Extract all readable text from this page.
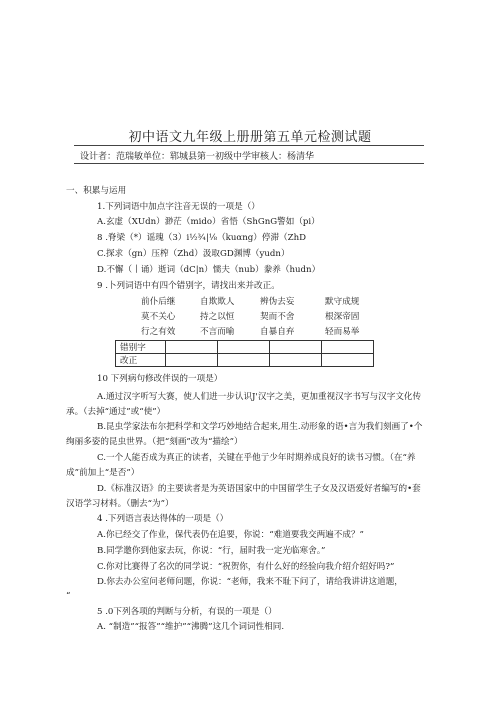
初中语文九年级上册册第五单元检测试题
设计者：范瑞敏单位：郓城县第一初级中学审核人：杨清华
一、积累与运用
1.下列词语中加点字注音无误的一项是（）
A.玄虚（XUdn）渺茫（mido）省悟（ShGnG警如（pi）
8 .脊梁（*）谣瑰（3）i½¾|⅛（kuαng）停滞（ZhD
C.探求（gn）压榨（Zhd）汲取GD渊博（yudn）
D.不懈（丨诵）逝词（dC|n）懦夫（nub）豢养（hudn）
9 .卜列词语中有四个错别字，请找出来并改正。
前仆后继	自欺欺人	辨伪去妄	默守成规
莫不关心	持之以恒	契而不舍	根深帝固
行之有效	不言而喻	自暴自弃	轻而易举
错别字				
改正				
10 下列病句修改伴误的一项是）
A.通过汉字听写大赛，使人们进一步认识J'汉字之美，更加重视汉字书写与汉字文化传承。（去掉“通过”或“使”）
B.昆虫学家法布尔把科学和文学巧妙地结合起来,用生.动形象的语•言为我们刻画了•个绚丽多姿的昆虫世界。（把“刻画”改为“描绘”）
C.一个人能否成为真正的读者，关键在乎他亍少年时期养成良好的读书习惯。（在“养成”前加上“是否”）
D.《标准汉语》的主要读者是为英语国家中的中国留学生子女及汉语爱好者编写的•套汉语学习材料。（删去“为”）
4 .下列语言表达得体的一项是（）
A.你已经交了作业，保代表仍在追要，你说：“难道要我交两遍不成？”
B.同学邀你到他家去玩，你说：“行，届时我一定光临寒舍。”
C.你对比赛得了名次的同学说：“祝贺你，有什么好的经验向我介绍介绍好吗?”
D.你去办公室问老师问题，你说：“老师，我来不耻下问了，请给我讲讲这道题，
“
5 .0下列各项的判断与分析，有误的一项是（）
A. “制造”“报答”“维护”“沸腾”这几个词词性相同.
